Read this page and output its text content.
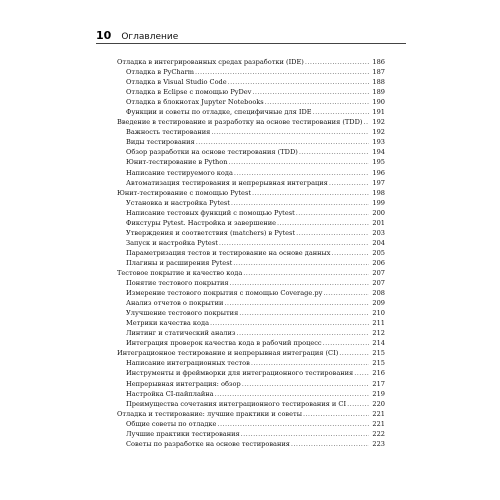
10 Оглавление
Отладка в интегрированных средах разработки (IDE) .....	186
Отладка в PyCharm .....	187
Отладка в Visual Studio Code .....	188
Отладка в Eclipse с помощью PyDev .....	189
Отладка в блокнотах Jupyter Notebooks .....	190
Функции и советы по отладке, специфичные для IDE .....	191
Введение в тестирование и разработку на основе тестирования (TDD) .....	192
Важность тестирования .....	192
Виды тестирования .....	193
Обзор разработки на основе тестирования (TDD) .....	194
Юнит-тестирование в Python .....	195
Написание тестируемого кода .....	196
Автоматизация тестирования и непрерывная интеграция .....	197
Юнит-тестирование с помощью Pytest .....	198
Установка и настройка Pytest .....	199
Написание тестовых функций с помощью Pytest .....	200
Фикстуры Pytest. Настройка и завершение .....	201
Утверждения и соответствия (matchers) в Pytest .....	203
Запуск и настройка Pytest .....	204
Параметризация тестов и тестирование на основе данных .....	205
Плагины и расширения Pytest .....	206
Тестовое покрытие и качество кода .....	207
Понятие тестового покрытия .....	207
Измерение тестового покрытия с помощью Coverage.py .....	208
Анализ отчетов о покрытии .....	209
Улучшение тестового покрытия .....	210
Метрики качества кода .....	211
Линтинг и статический анализ .....	212
Интеграция проверок качества кода в рабочий процесс .....	214
Интеграционное тестирование и непрерывная интеграция (CI) .....	215
Написание интеграционных тестов .....	215
Инструменты и фреймворки для интеграционного тестирования .....	216
Непрерывная интеграция: обзор .....	217
Настройка CI-пайплайна .....	219
Преимущества сочетания интеграционного тестирования и CI .....	220
Отладка и тестирование: лучшие практики и советы .....	221
Общие советы по отладке .....	221
Лучшие практики тестирования .....	222
Советы по разработке на основе тестирования .....	223
